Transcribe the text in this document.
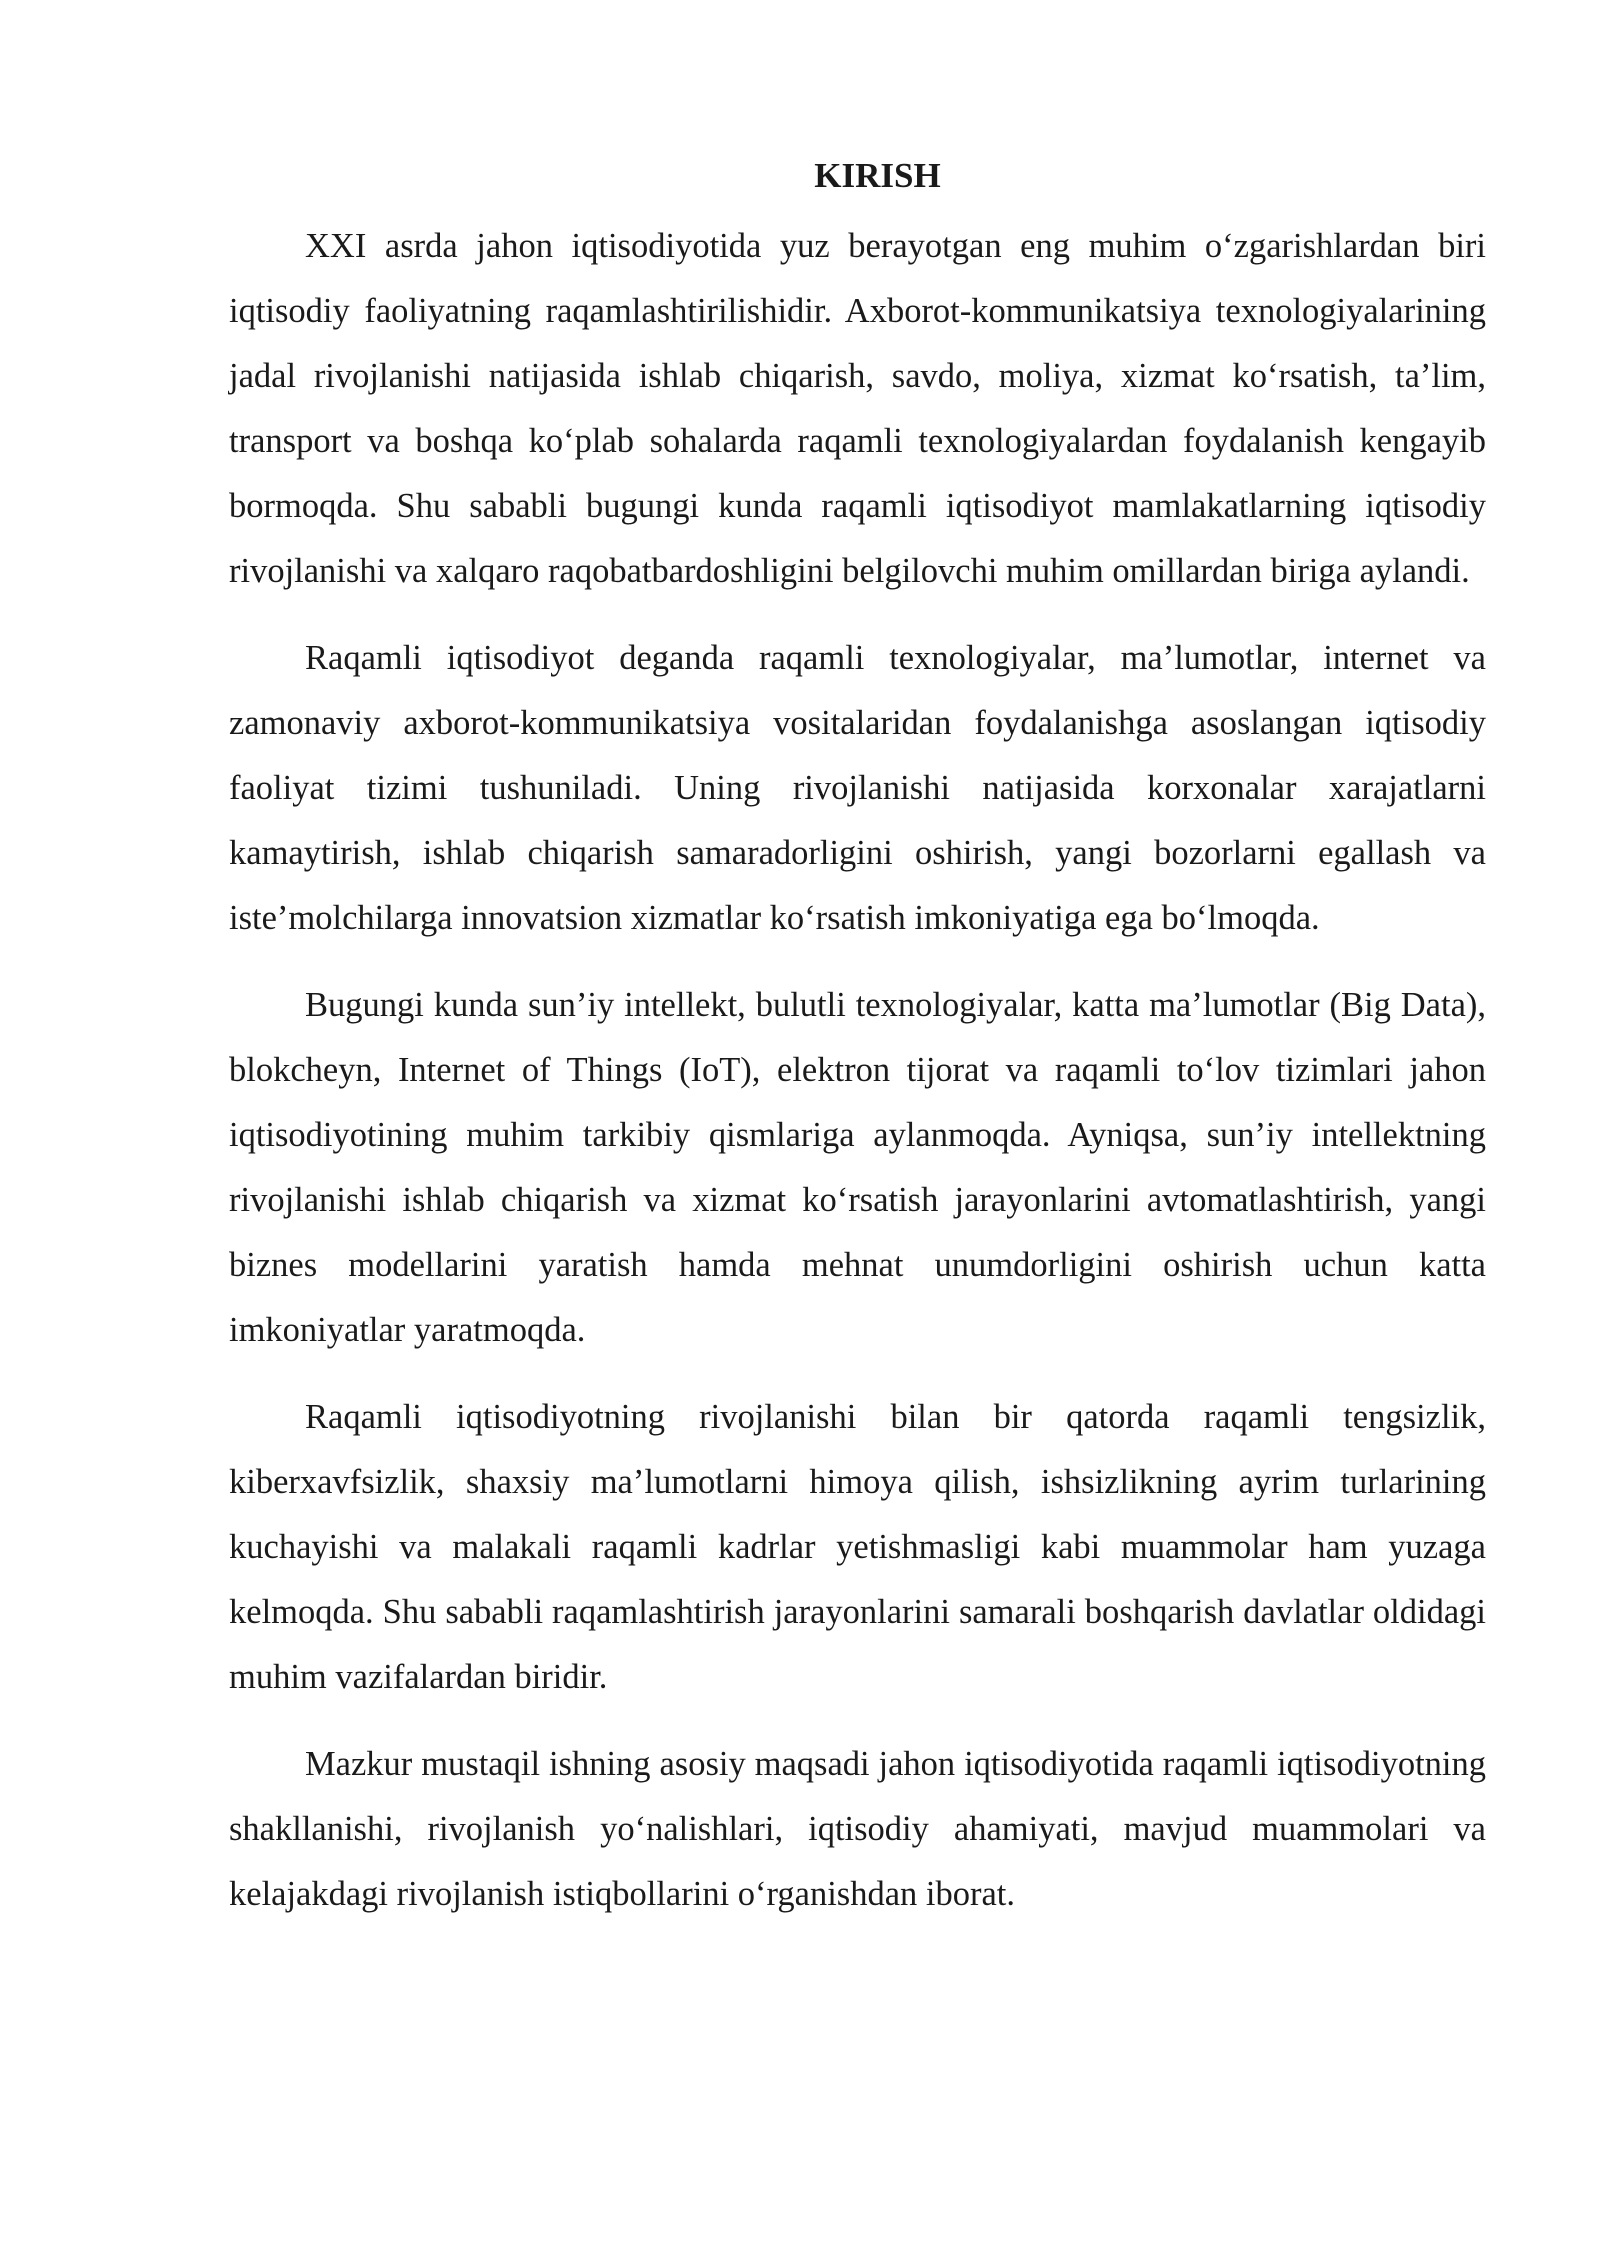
KIRISH

XXI asrda jahon iqtisodiyotida yuz berayotgan eng muhim o‘zgarishlardan biri iqtisodiy faoliyatning raqamlashtirilishidir. Axborot-kommunikatsiya texnologiyalarining jadal rivojlanishi natijasida ishlab chiqarish, savdo, moliya, xizmat ko‘rsatish, ta’lim, transport va boshqa ko‘plab sohalarda raqamli texnologiyalardan foydalanish kengayib bormoqda. Shu sababli bugungi kunda raqamli iqtisodiyot mamlakatlarning iqtisodiy rivojlanishi va xalqaro raqobatbardoshligini belgilovchi muhim omillardan biriga aylandi.

Raqamli iqtisodiyot deganda raqamli texnologiyalar, ma’lumotlar, internet va zamonaviy axborot-kommunikatsiya vositalaridan foydalanishga asoslangan iqtisodiy faoliyat tizimi tushuniladi. Uning rivojlanishi natijasida korxonalar xarajatlarni kamaytirish, ishlab chiqarish samaradorligini oshirish, yangi bozorlarni egallash va iste’molchilarga innovatsion xizmatlar ko‘rsatish imkoniyatiga ega bo‘lmoqda.

Bugungi kunda sun’iy intellekt, bulutli texnologiyalar, katta ma’lumotlar (Big Data), blokcheyn, Internet of Things (IoT), elektron tijorat va raqamli to‘lov tizimlari jahon iqtisodiyotining muhim tarkibiy qismlariga aylanmoqda. Ayniqsa, sun’iy intellektning rivojlanishi ishlab chiqarish va xizmat ko‘rsatish jarayonlarini avtomatlashtirish, yangi biznes modellarini yaratish hamda mehnat unumdorligini oshirish uchun katta imkoniyatlar yaratmoqda.

Raqamli iqtisodiyotning rivojlanishi bilan bir qatorda raqamli tengsizlik, kiberxavfsizlik, shaxsiy ma’lumotlarni himoya qilish, ishsizlikning ayrim turlarining kuchayishi va malakali raqamli kadrlar yetishmasligi kabi muammolar ham yuzaga kelmoqda. Shu sababli raqamlashtirish jarayonlarini samarali boshqarish davlatlar oldidagi muhim vazifalardan biridir.

Mazkur mustaqil ishning asosiy maqsadi jahon iqtisodiyotida raqamli iqtisodiyotning shakllanishi, rivojlanish yo‘nalishlari, iqtisodiy ahamiyati, mavjud muammolari va kelajakdagi rivojlanish istiqbollarini o‘rganishdan iborat.
